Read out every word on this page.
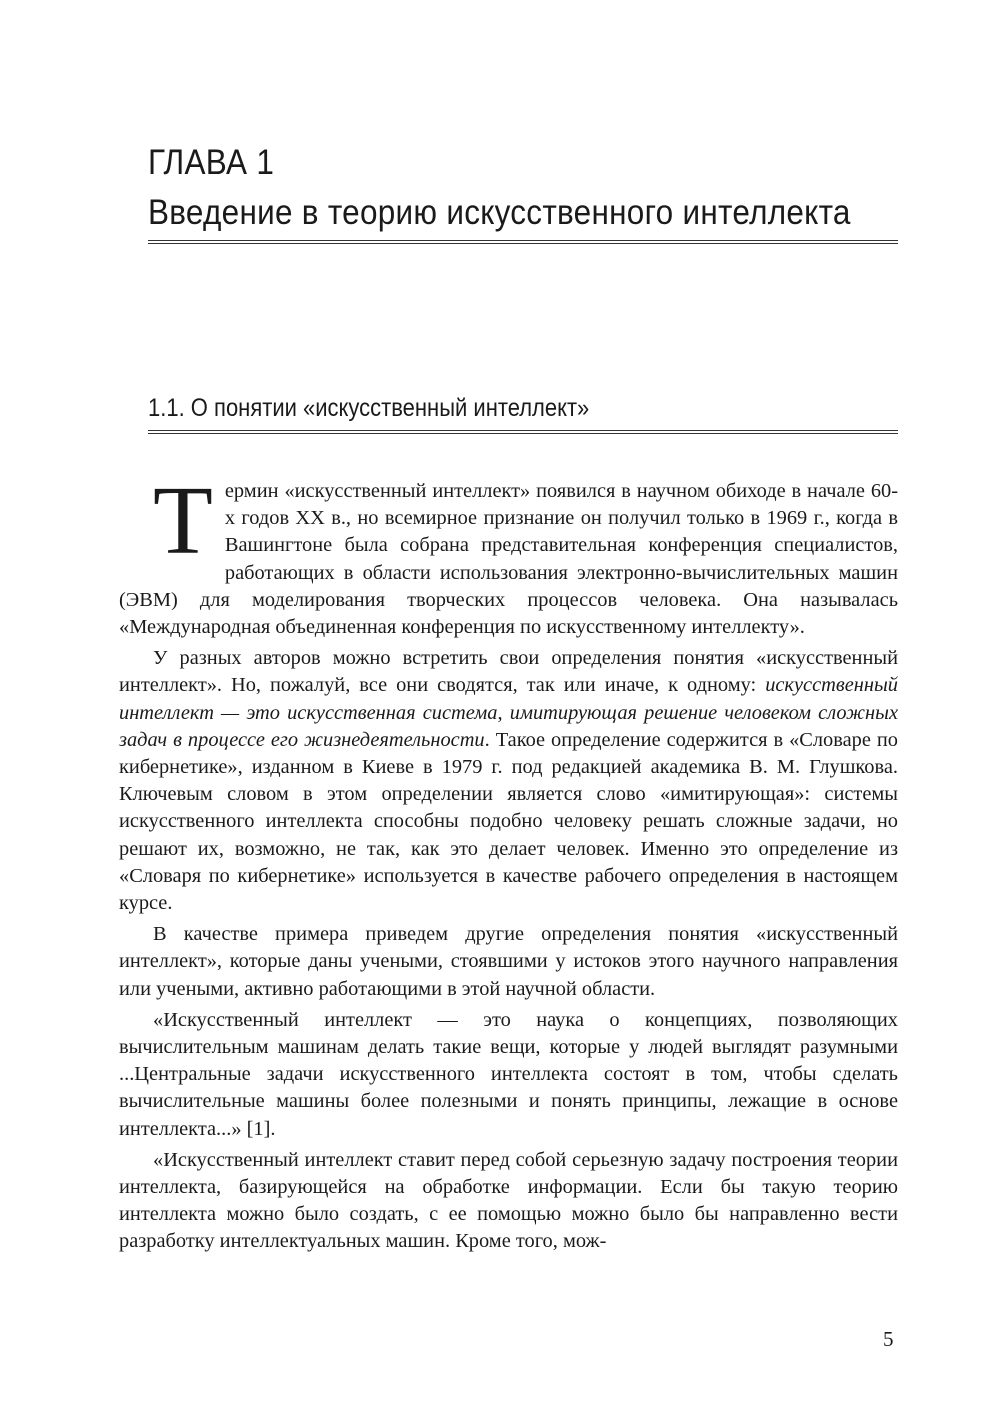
ГЛАВА 1
Введение в теорию искусственного интеллекта
1.1. О понятии «искусственный интеллект»

Термин «искусственный интеллект» появился в научном обиходе в начале 60-х годов XX в., но всемирное признание он получил только в 1969 г., когда в Вашингтоне была собрана представительная конференция специалистов, работающих в области использования электронно-вычислительных машин (ЭВМ) для моделирования творческих процессов человека. Она называлась «Международная объединенная конференция по искусственному интеллекту».

У разных авторов можно встретить свои определения понятия «искусственный интеллект». Но, пожалуй, все они сводятся, так или иначе, к одному: искусственный интеллект — это искусственная система, имитирующая решение человеком сложных задач в процессе его жизнедеятельности. Такое определение содержится в «Словаре по кибернетике», изданном в Киеве в 1979 г. под редакцией академика В. М. Глушкова. Ключевым словом в этом определении является слово «имитирующая»: системы искусственного интеллекта способны подобно человеку решать сложные задачи, но решают их, возможно, не так, как это делает человек. Именно это определение из «Словаря по кибернетике» используется в качестве рабочего определения в настоящем курсе.

В качестве примера приведем другие определения понятия «искусственный интеллект», которые даны учеными, стоявшими у истоков этого научного направления или учеными, активно работающими в этой научной области.

«Искусственный интеллект — это наука о концепциях, позволяющих вычислительным машинам делать такие вещи, которые у людей выглядят разумными ...Центральные задачи искусственного интеллекта состоят в том, чтобы сделать вычислительные машины более полезными и понять принципы, лежащие в основе интеллекта...» [1].

«Искусственный интеллект ставит перед собой серьезную задачу построения теории интеллекта, базирующейся на обработке информации. Если бы такую теорию интеллекта можно было создать, с ее помощью можно было бы направленно вести разработку интеллектуальных машин. Кроме того, мож-

5
